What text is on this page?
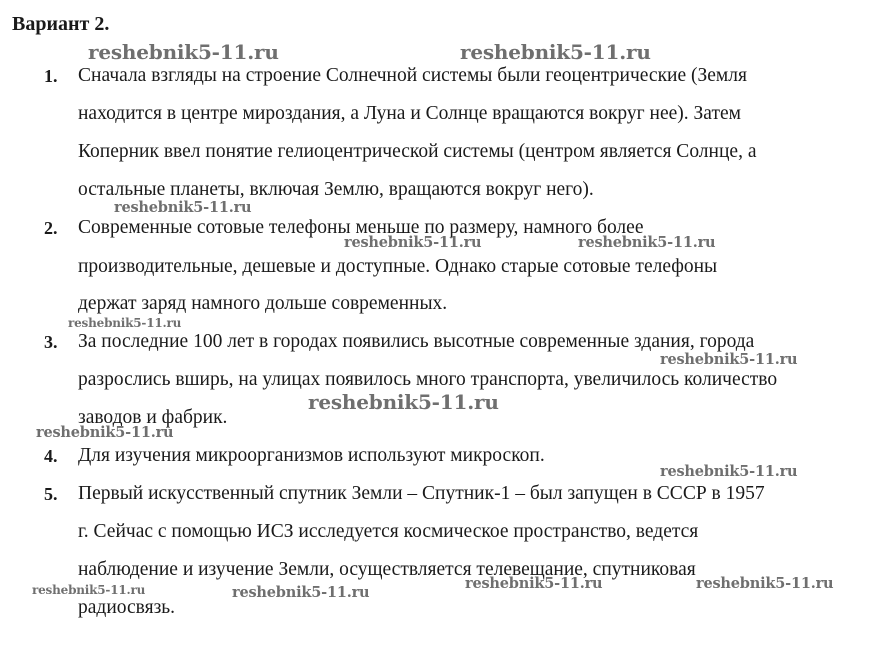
Вариант 2.
1. Сначала взгляды на строение Солнечной системы были геоцентрические (Земля
находится в центре мироздания, а Луна и Солнце вращаются вокруг нее). Затем
Коперник ввел понятие гелиоцентрической системы (центром является Солнце, а
остальные планеты, включая Землю, вращаются вокруг него).
2. Современные сотовые телефоны меньше по размеру, намного более
производительные, дешевые и доступные. Однако старые сотовые телефоны
держат заряд намного дольше современных.
3. За последние 100 лет в городах появились высотные современные здания, города
разрослись вширь, на улицах появилось много транспорта, увеличилось количество
заводов и фабрик.
4. Для изучения микроорганизмов используют микроскоп.
5. Первый искусственный спутник Земли – Спутник-1 – был запущен в СССР в 1957
г. Сейчас с помощью ИСЗ исследуется космическое пространство, ведется
наблюдение и изучение Земли, осуществляется телевещание, спутниковая
радиосвязь.
reshebnik5-11.ru	reshebnik5-11.ru
reshebnik5-11.ru
reshebnik5-11.ru	reshebnik5-11.ru
reshebnik5-11.ru
reshebnik5-11.ru
reshebnik5-11.ru
reshebnik5-11.ru
reshebnik5-11.ru
reshebnik5-11.ru	reshebnik5-11.ru
reshebnik5-11.ru	reshebnik5-11.ru
